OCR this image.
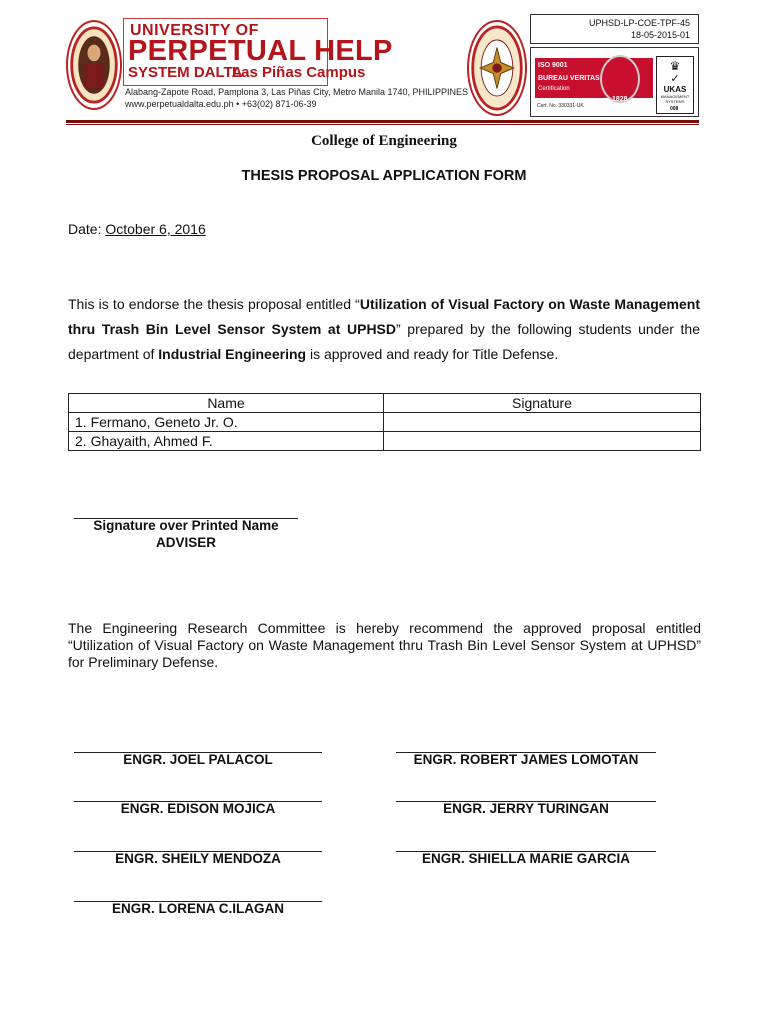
UNIVERSITY OF
PERPETUAL HELP
SYSTEM DALTA
Las Piñas Campus
Alabang-Zapote Road, Pamplona 3, Las Piñas City, Metro Manila 1740, PHILIPPINES
www.perpetualdalta.edu.ph • +63(02) 871-06-39
UPHSD-LP-COE-TPF-45
18-05-2015-01
ISO 9001
BUREAU VERITAS
Certification
1828
Cert. No. 330331-UK
♛
✓
UKAS
MANAGEMENT SYSTEMS
008
College of Engineering
THESIS PROPOSAL APPLICATION FORM
Date: October 6, 2016
This is to endorse the thesis proposal entitled “Utilization of Visual Factory on Waste Management thru Trash Bin Level Sensor System at UPHSD” prepared by the following students under the department of Industrial Engineering is approved and ready for Title Defense.
Name	Signature
1. Fermano, Geneto Jr. O.	
2. Ghayaith, Ahmed F.	
Signature over Printed Name
ADVISER
The Engineering Research Committee is hereby recommend the approved proposal entitled “Utilization of Visual Factory on Waste Management thru Trash Bin Level Sensor System at UPHSD” for Preliminary Defense.
ENGR. JOEL PALACOL	ENGR. ROBERT JAMES LOMOTAN
ENGR. EDISON MOJICA	ENGR. JERRY TURINGAN
ENGR. SHEILY MENDOZA	ENGR. SHIELLA MARIE GARCIA
ENGR. LORENA C.ILAGAN
